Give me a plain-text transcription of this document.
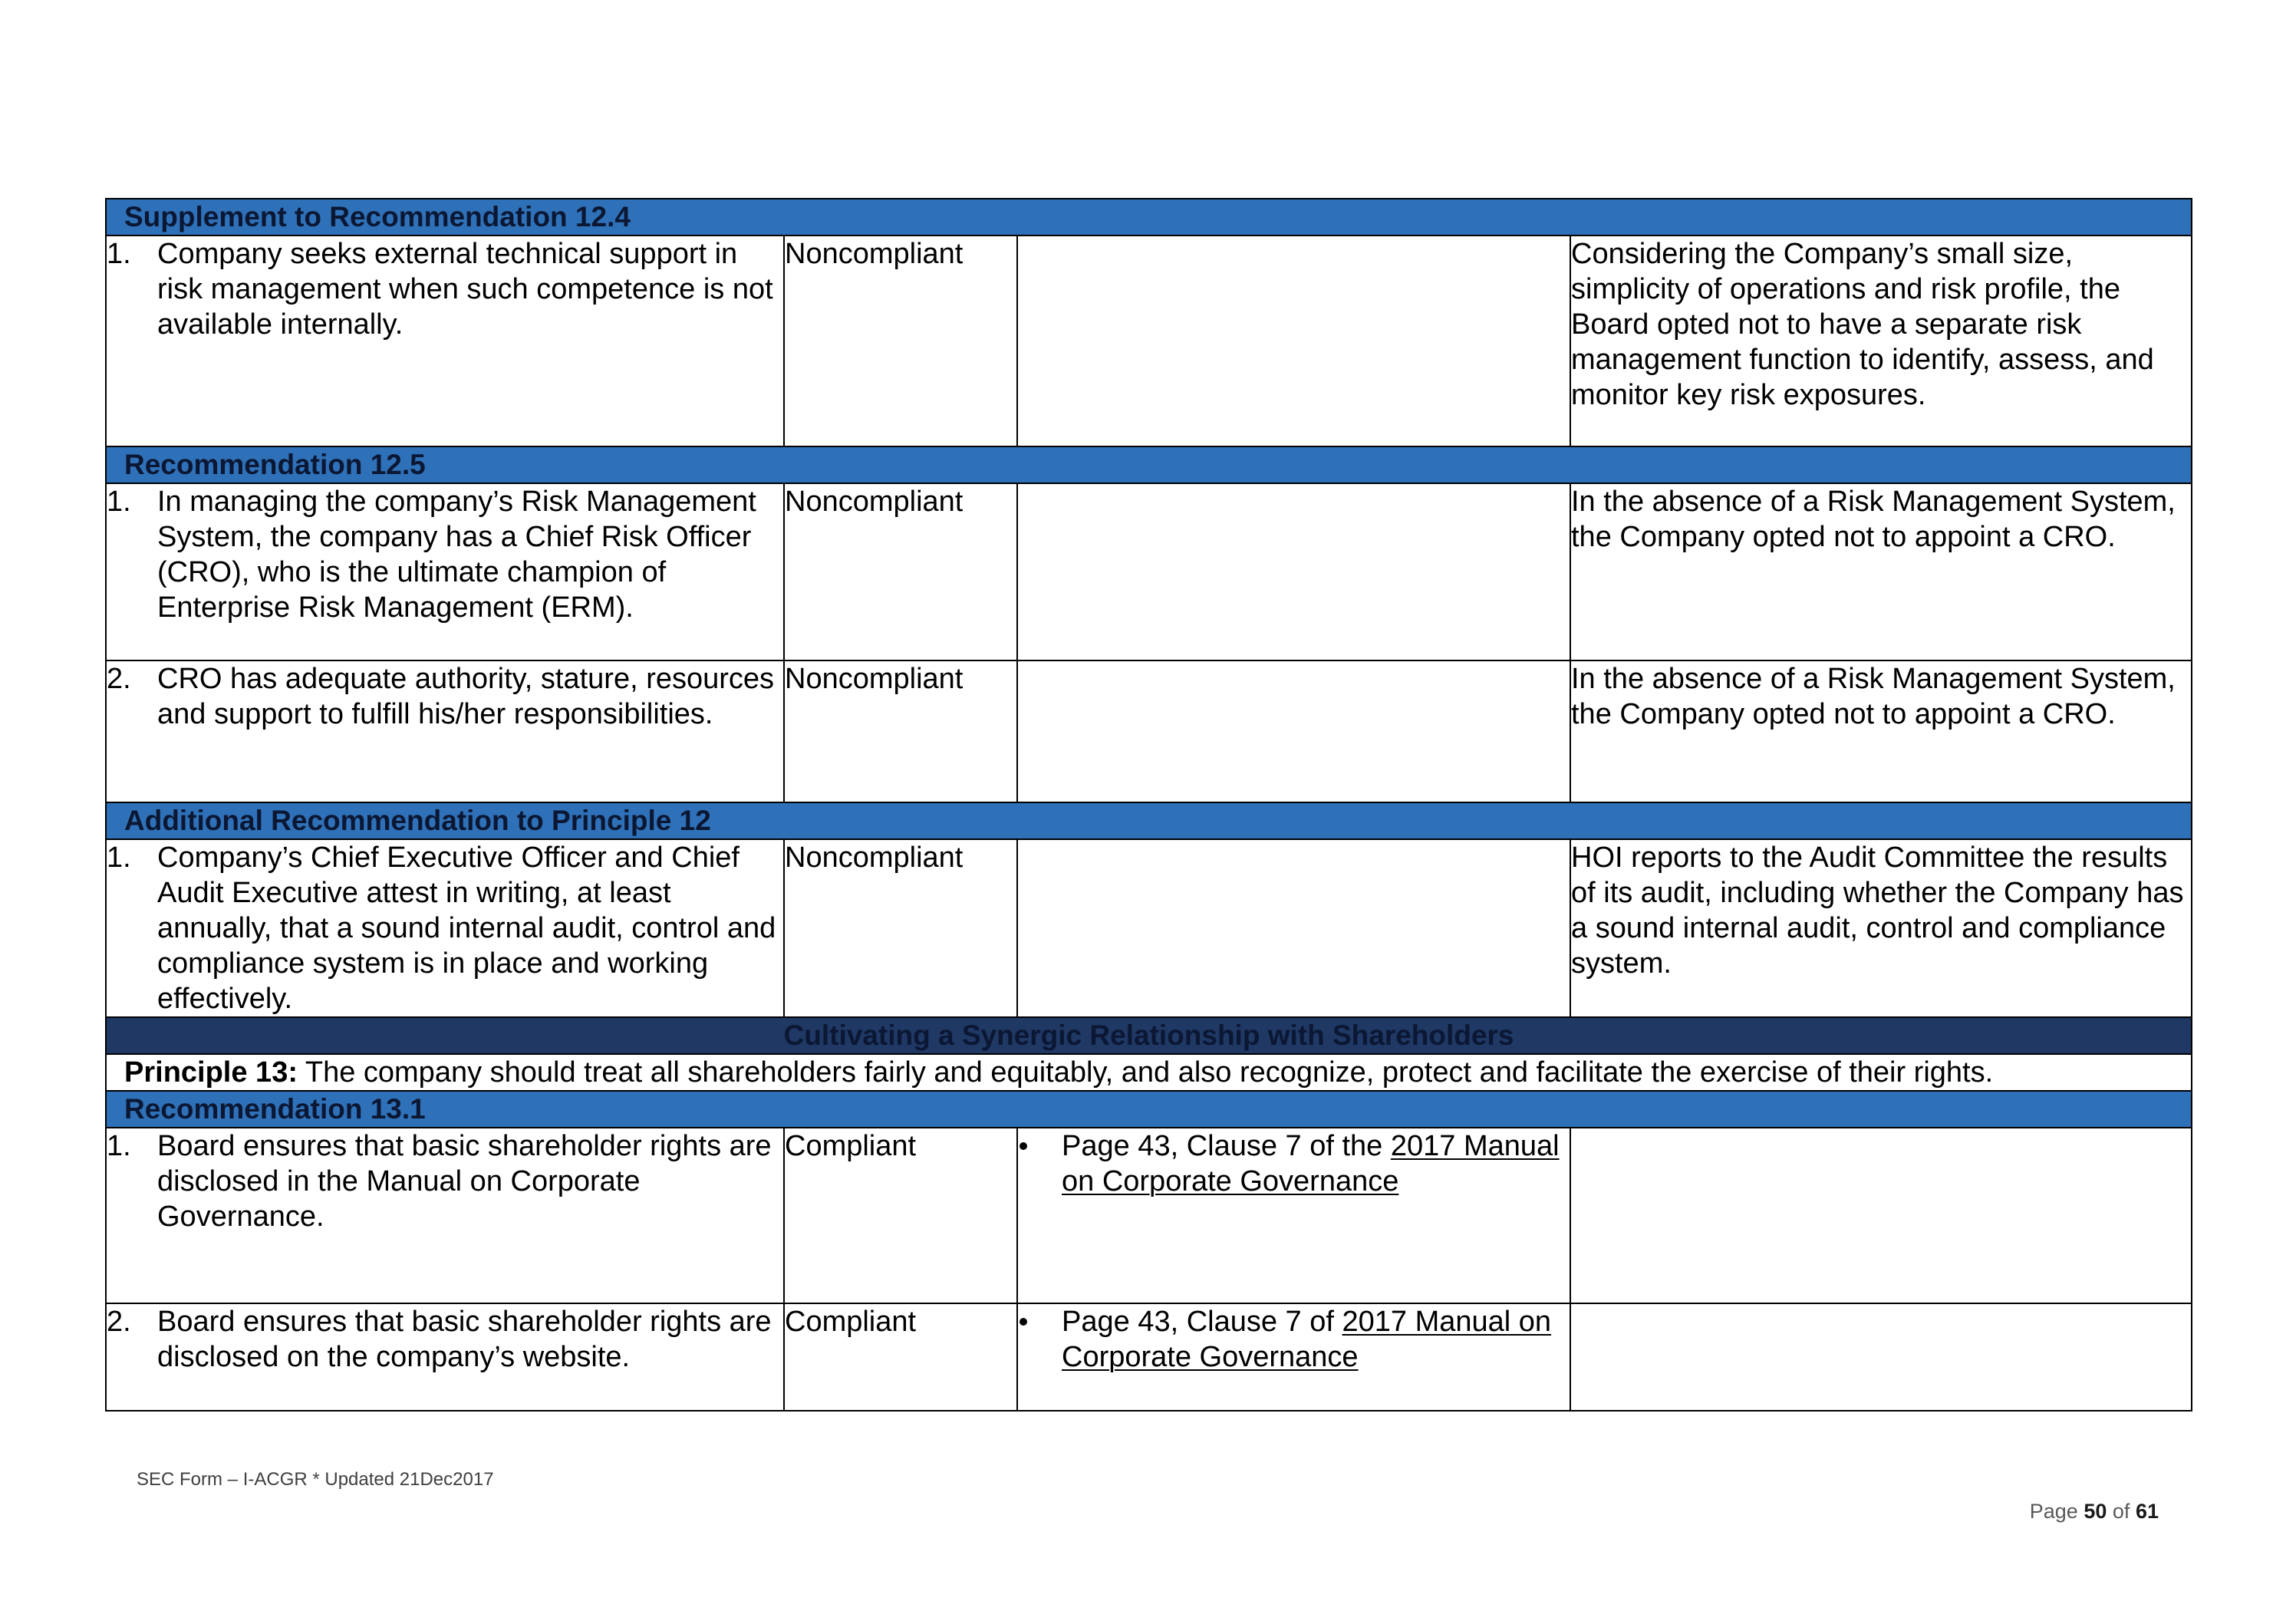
Supplement to Recommendation 12.4			

1. Company seeks external technical support in risk management when such competence is not available internally.	Noncompliant		Considering the Company’s small size, simplicity of operations and risk profile, the Board opted not to have a separate risk management function to identify, assess, and monitor key risk exposures.
Recommendation 12.5			

1. In managing the company’s Risk Management System, the company has a Chief Risk Officer (CRO), who is the ultimate champion of Enterprise Risk Management (ERM).	Noncompliant		In the absence of a Risk Management System, the Company opted not to appoint a CRO.

2. CRO has adequate authority, stature, resources and support to fulfill his/her responsibilities.	Noncompliant		In the absence of a Risk Management System, the Company opted not to appoint a CRO.
Additional Recommendation to Principle 12			

1. Company’s Chief Executive Officer and Chief Audit Executive attest in writing, at least annually, that a sound internal audit, control and compliance system is in place and working effectively.	Noncompliant		HOI reports to the Audit Committee the results of its audit, including whether the Company has a sound internal audit, control and compliance system.
Cultivating a Synergic Relationship with Shareholders			
Principle 13: The company should treat all shareholders fairly and equitably, and also recognize, protect and facilitate the exercise of their rights.			
Recommendation 13.1			

1. Board ensures that basic shareholder rights are disclosed in the Manual on Corporate Governance.	Compliant	Page 43, Clause 7 of the 2017 Manual on Corporate Governance	

2. Board ensures that basic shareholder rights are disclosed on the company’s website.	Compliant	Page 43, Clause 7 of 2017 Manual on Corporate Governance	

SEC Form – I-ACGR * Updated 21Dec2017
Page 50 of 61
